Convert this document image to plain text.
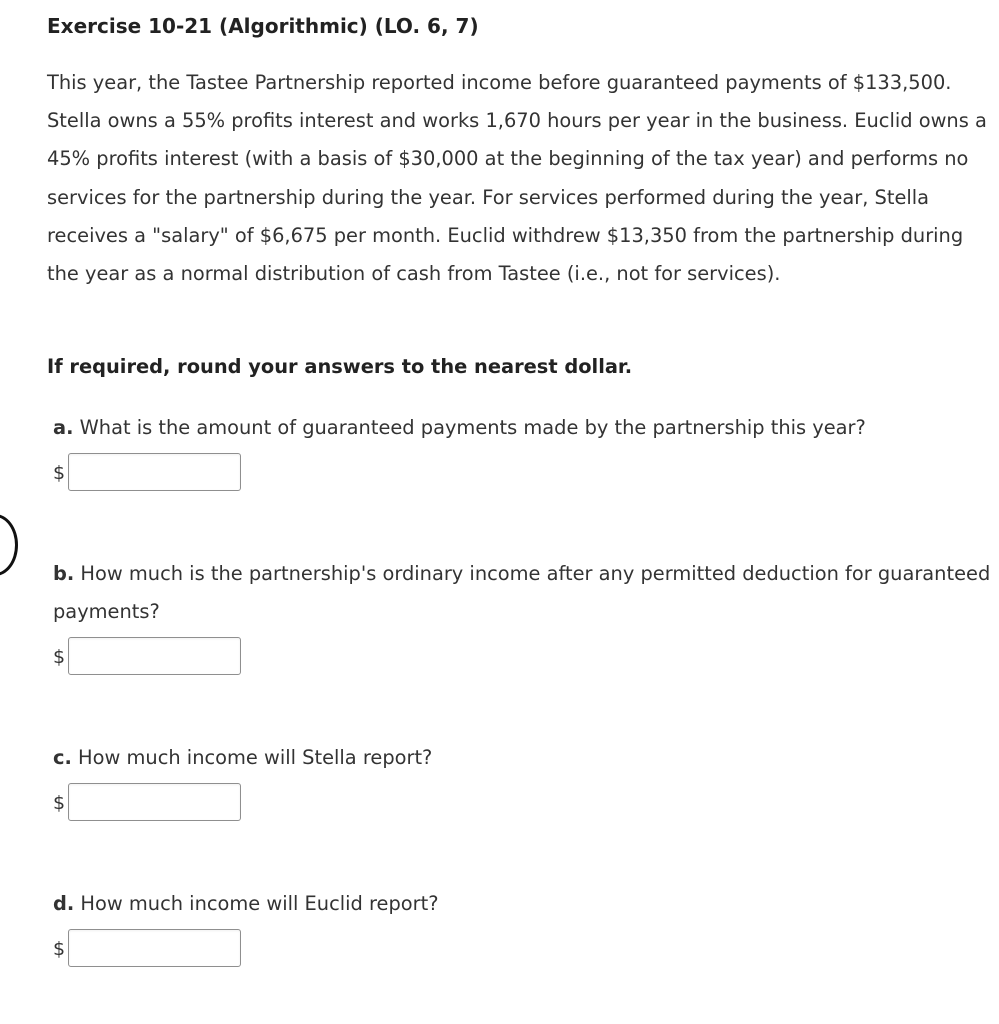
Exercise 10-21 (Algorithmic) (LO. 6, 7)

This year, the Tastee Partnership reported income before guaranteed payments of $133,500. Stella owns a 55% profits interest and works 1,670 hours per year in the business. Euclid owns a 45% profits interest (with a basis of $30,000 at the beginning of the tax year) and performs no services for the partnership during the year. For services performed during the year, Stella receives a "salary" of $6,675 per month. Euclid withdrew $13,350 from the partnership during the year as a normal distribution of cash from Tastee (i.e., not for services).

If required, round your answers to the nearest dollar.

a. What is the amount of guaranteed payments made by the partnership this year?

$

b. How much is the partnership's ordinary income after any permitted deduction for guaranteed payments?

$

c. How much income will Stella report?

$

d. How much income will Euclid report?

$
